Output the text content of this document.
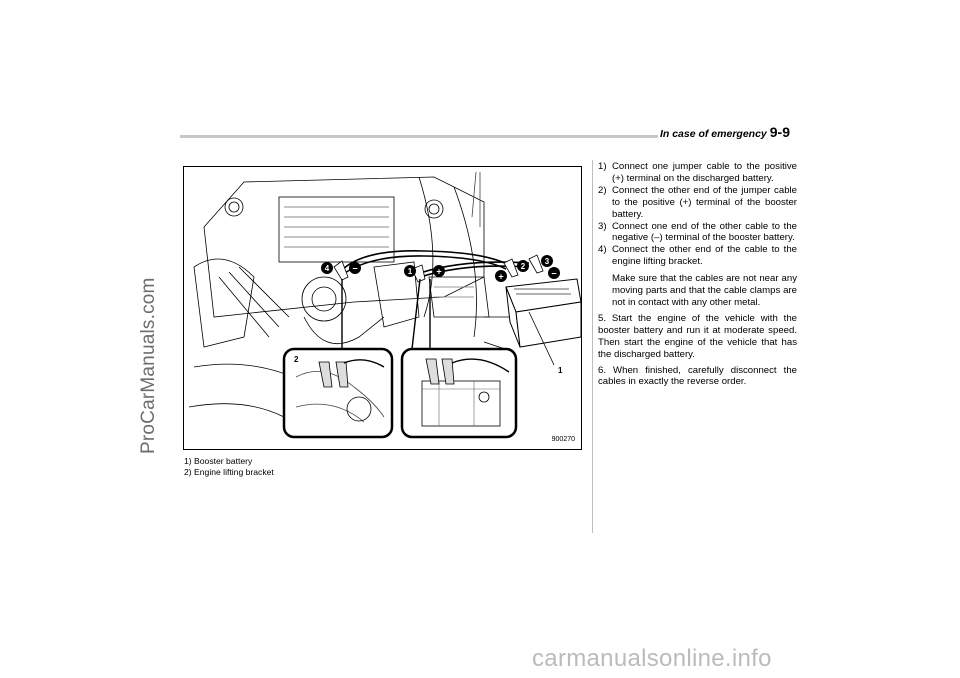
ProCarManuals.com
carmanualsonline.info
In case of emergency 9-9
4	1
2
3
−	+	+	−
2
1
900270
1) Booster battery
2) Engine lifting bracket
1) Connect one jumper cable to the positive (+) terminal on the discharged battery.
2) Connect the other end of the jumper cable to the positive (+) terminal of the booster battery.
3) Connect one end of the other cable to the negative (–) terminal of the booster battery.
4) Connect the other end of the cable to the engine lifting bracket.
Make sure that the cables are not near any moving parts and that the cable clamps are not in contact with any other metal.
5. Start the engine of the vehicle with the booster battery and run it at moderate speed. Then start the engine of the vehicle that has the discharged battery.
6. When finished, carefully disconnect the cables in exactly the reverse order.
